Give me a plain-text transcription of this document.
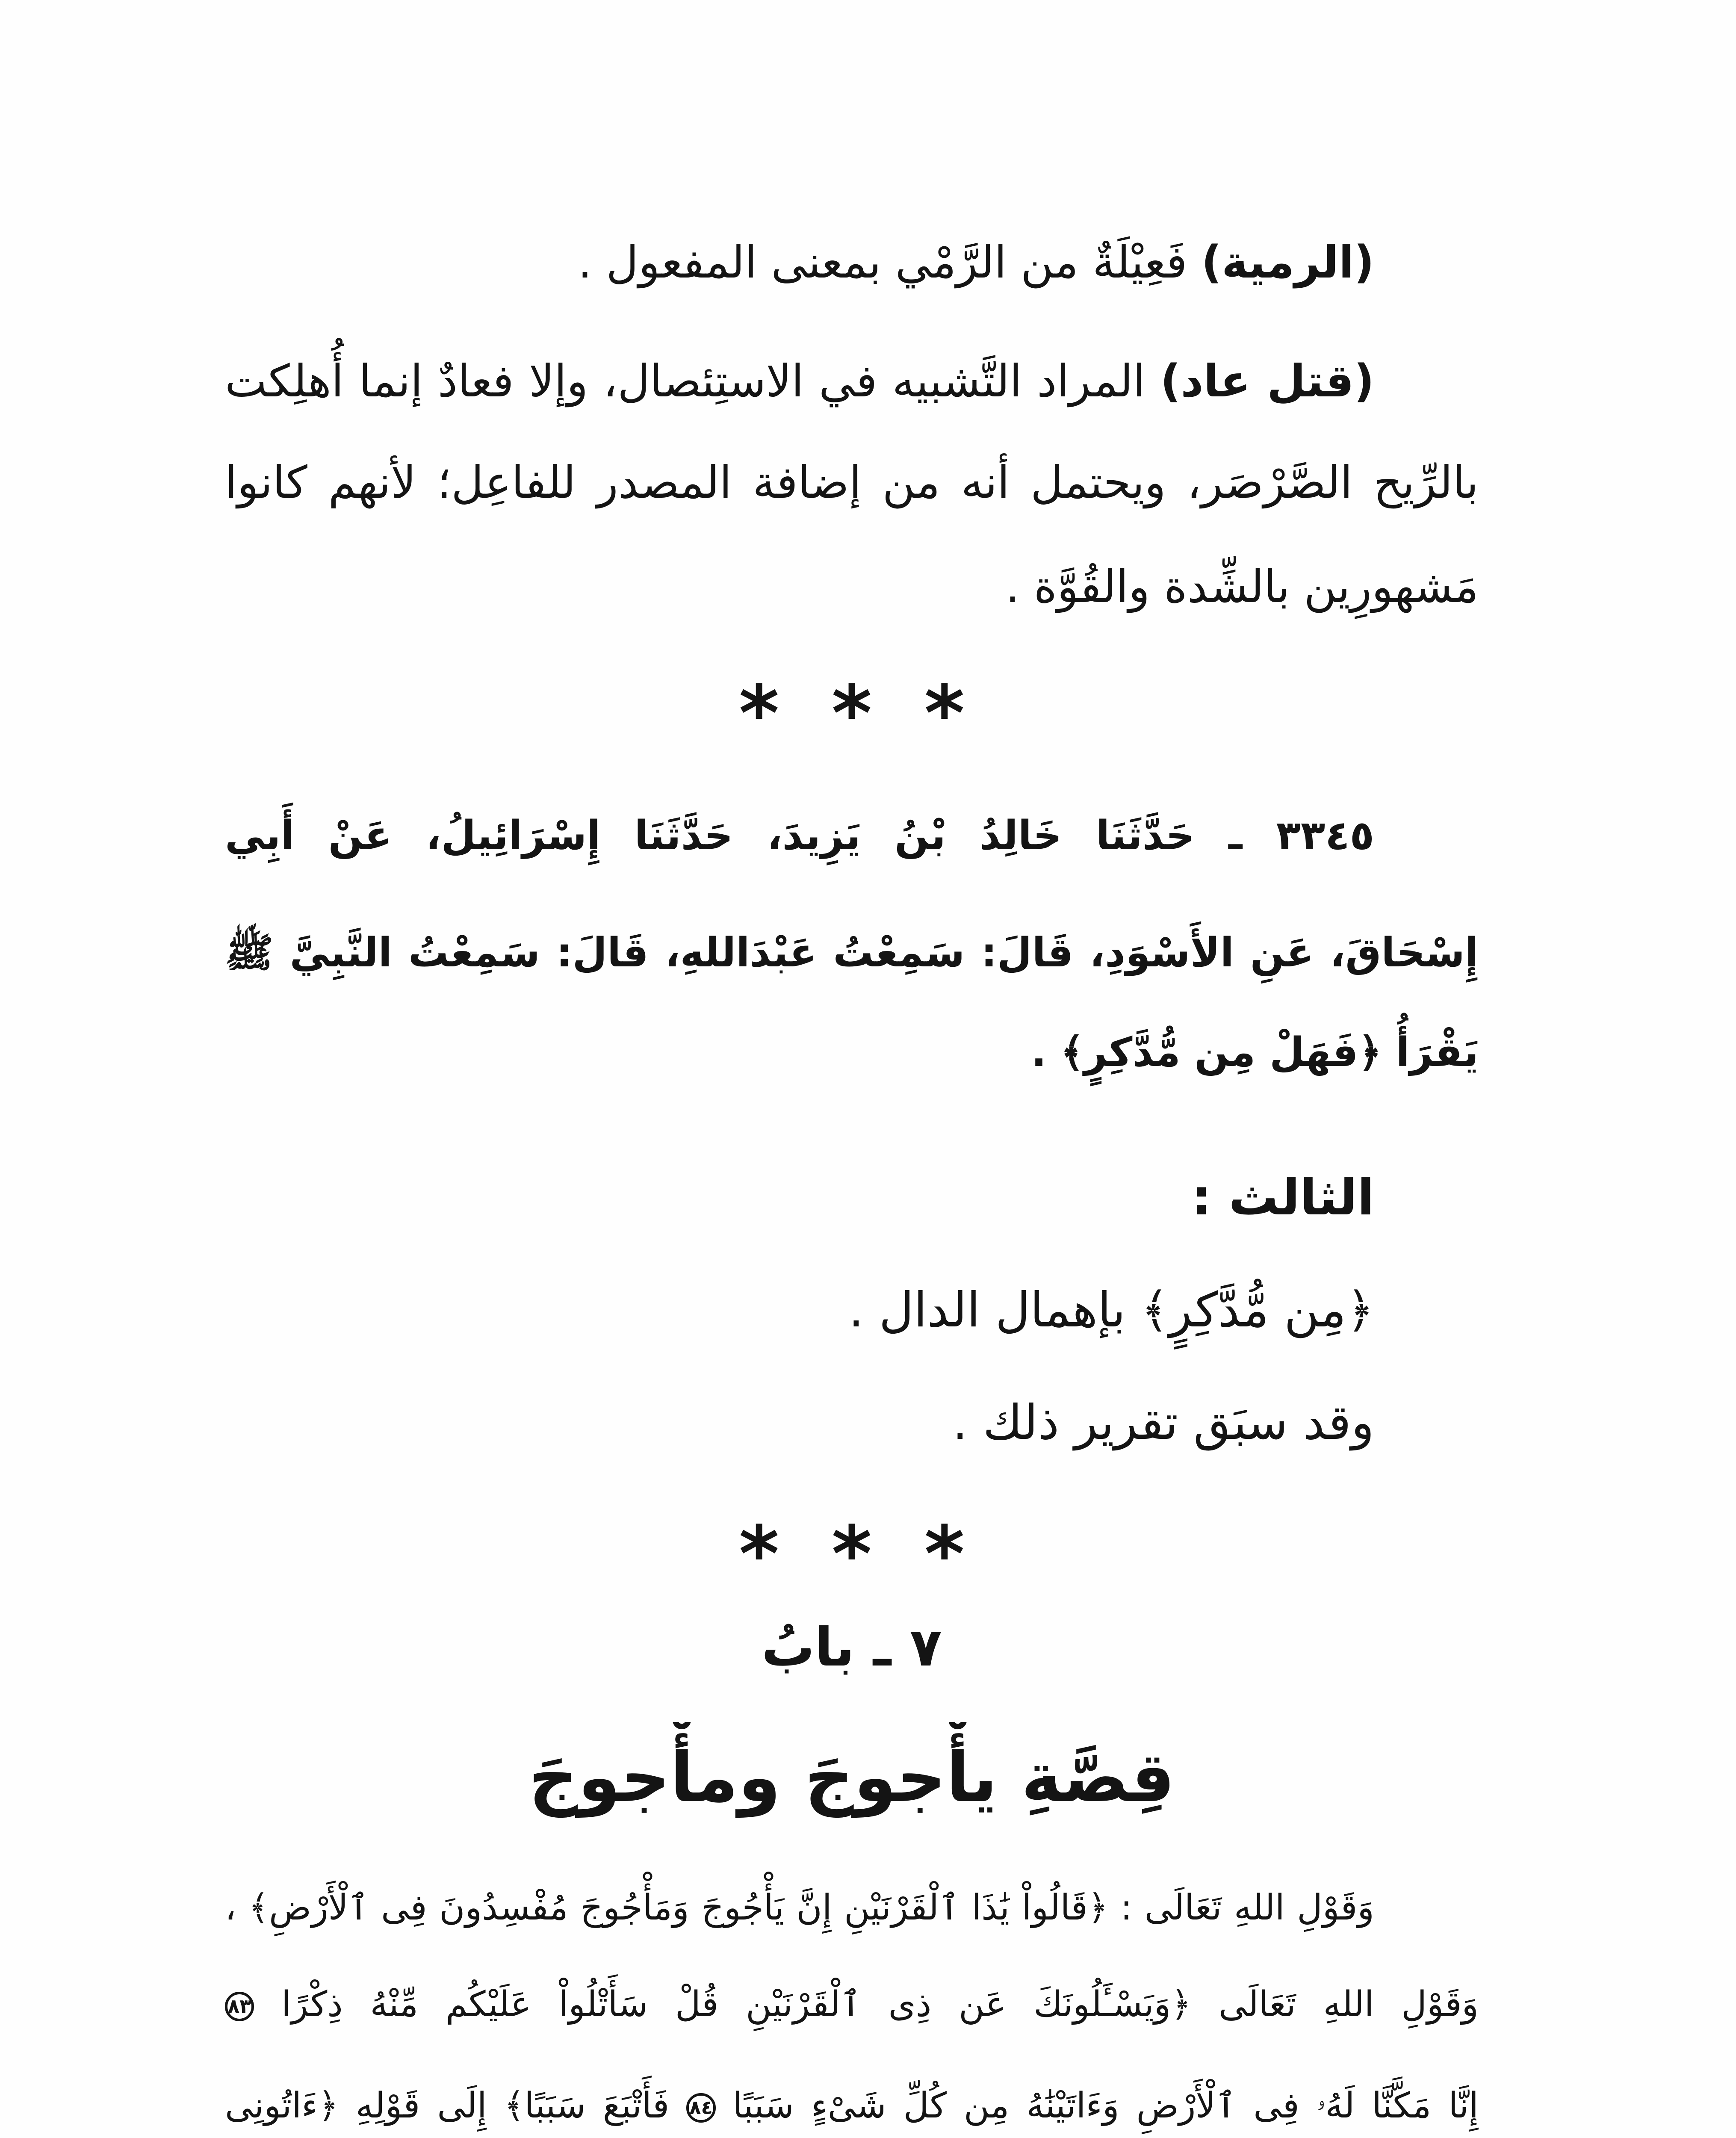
(الرمية) فَعِيْلَةٌ من الرَّمْي بمعنى المفعول .
(قتل عاد) المراد التَّشبيه في الاستِئصال، وإلا فعادٌ إنما أُهلِكت
بالرِّيح الصَّرْصَر، ويحتمل أنه من إضافة المصدر للفاعِل؛ لأنهم كانوا
مَشهورِين بالشِّدة والقُوَّة .
* * *
٣٣٤٥ ـ حَدَّثَنَا خَالِدُ بْنُ يَزِيدَ، حَدَّثَنَا إِسْرَائِيلُ، عَنْ أَبِي
إِسْحَاقَ، عَنِ الأَسْوَدِ، قَالَ: سَمِعْتُ عَبْدَاللهِ، قَالَ: سَمِعْتُ النَّبِيَّ ﷺ
يَقْرَأُ ﴿فَهَلْ مِن مُّدَّكِرٍ﴾ .
الثالث :
﴿مِن مُّدَّكِرٍ﴾ بإهمال الدال .
وقد سبَق تقرير ذلك .
* * *
٧ ـ بابُ
قِصَّةِ يأْجوجَ ومأْجوجَ
وَقَوْلِ اللهِ تَعَالَى : ﴿قَالُواْ يَٰذَا ٱلْقَرْنَيْنِ إِنَّ يَأْجُوجَ وَمَأْجُوجَ مُفْسِدُونَ فِى ٱلْأَرْضِ﴾ ،
وَقَوْلِ اللهِ تَعَالَى ﴿وَيَسْـَٔلُونَكَ عَن ذِى ٱلْقَرْنَيْنِ قُلْ سَأَتْلُواْ عَلَيْكُم مِّنْهُ ذِكْرًا ٨٣
إِنَّا مَكَّنَّا لَهُۥ فِى ٱلْأَرْضِ وَءَاتَيْنَٰهُ مِن كُلِّ شَىْءٍ سَبَبًا ٨٤ فَأَتْبَعَ سَبَبًا﴾ إِلَى قَوْلِهِ ﴿ءَاتُونِى
